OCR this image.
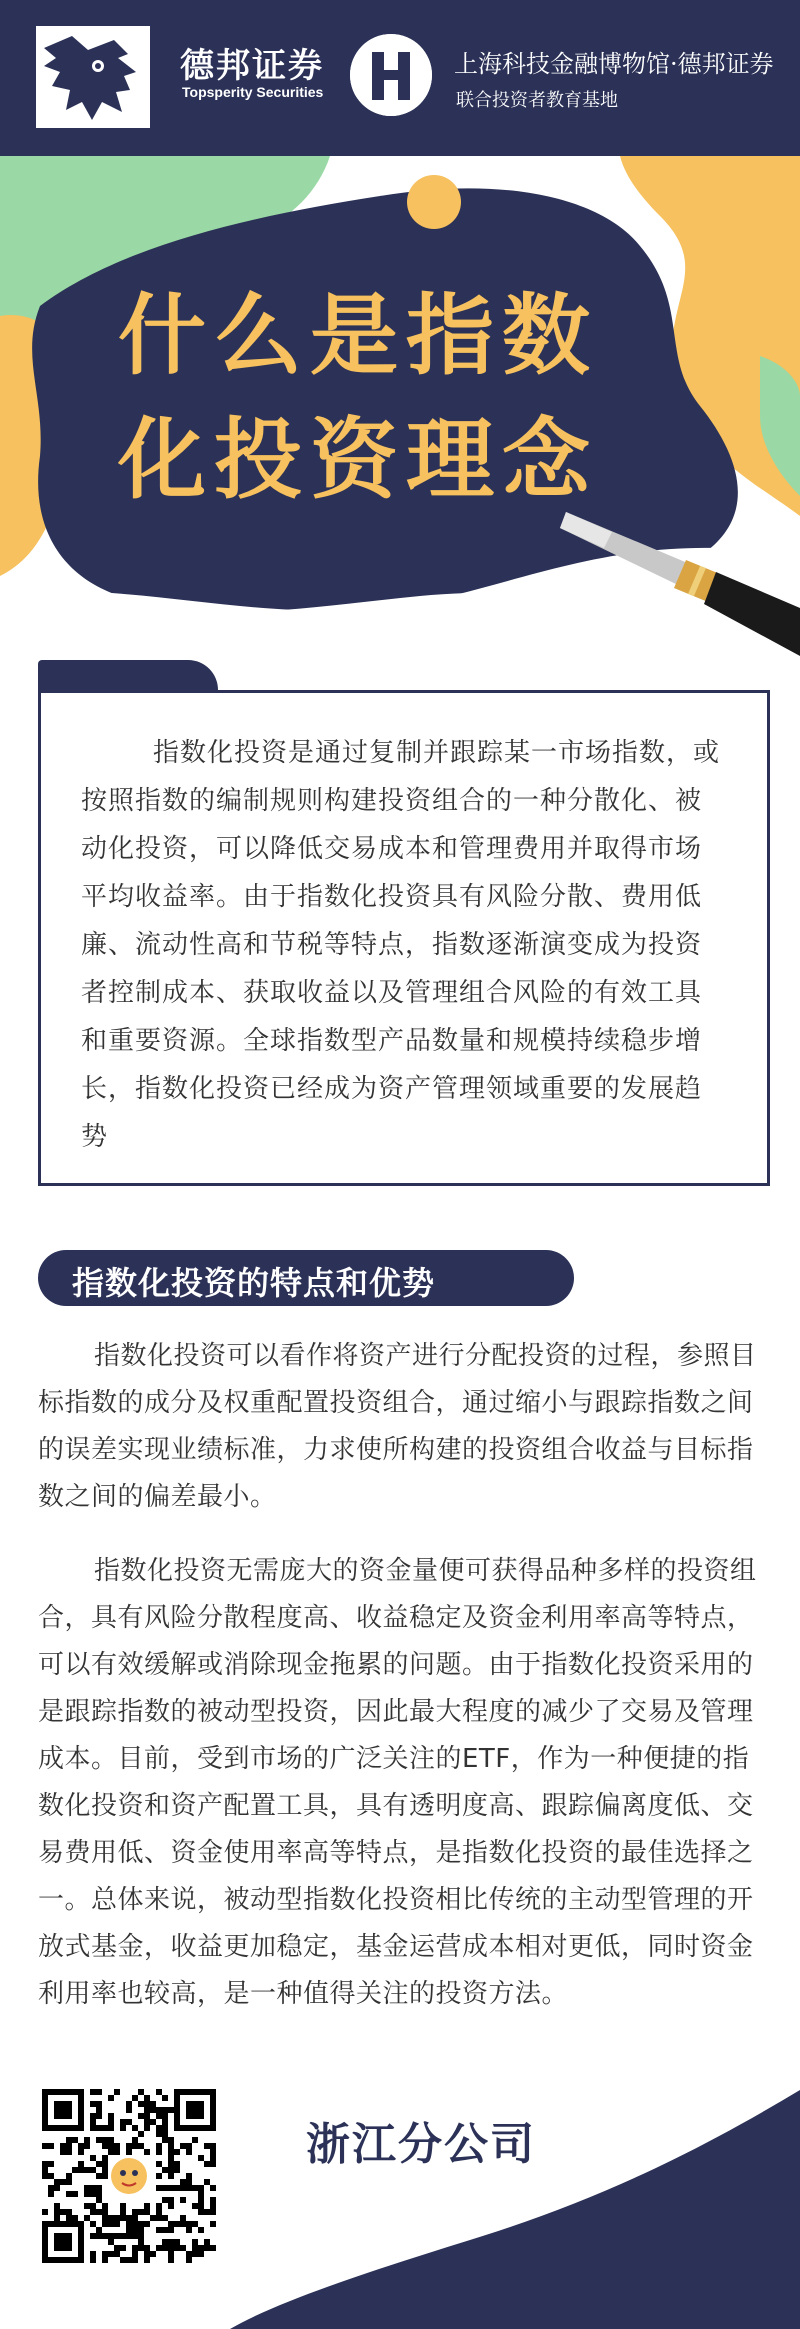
德邦证券
Topsperity Securities
上海科技金融博物馆·德邦证券
联合投资者教育基地
什么是指数
化投资理念

指数化投资是通过复制并跟踪某一市场指数，或按照指数的编制规则构建投资组合的一种分散化、被动化投资，可以降低交易成本和管理费用并取得市场平均收益率。由于指数化投资具有风险分散、费用低廉、流动性高和节税等特点，指数逐渐演变成为投资者控制成本、获取收益以及管理组合风险的有效工具和重要资源。全球指数型产品数量和规模持续稳步增长，指数化投资已经成为资产管理领域重要的发展趋势

指数化投资的特点和优势

指数化投资可以看作将资产进行分配投资的过程，参照目标指数的成分及权重配置投资组合，通过缩小与跟踪指数之间的误差实现业绩标准，力求使所构建的投资组合收益与目标指数之间的偏差最小。

指数化投资无需庞大的资金量便可获得品种多样的投资组合，具有风险分散程度高、收益稳定及资金利用率高等特点，可以有效缓解或消除现金拖累的问题。由于指数化投资采用的是跟踪指数的被动型投资，因此最大程度的减少了交易及管理成本。目前，受到市场的广泛关注的ETF，作为一种便捷的指数化投资和资产配置工具，具有透明度高、跟踪偏离度低、交易费用低、资金使用率高等特点，是指数化投资的最佳选择之一。总体来说，被动型指数化投资相比传统的主动型管理的开放式基金，收益更加稳定，基金运营成本相对更低，同时资金利用率也较高，是一种值得关注的投资方法。

浙江分公司
